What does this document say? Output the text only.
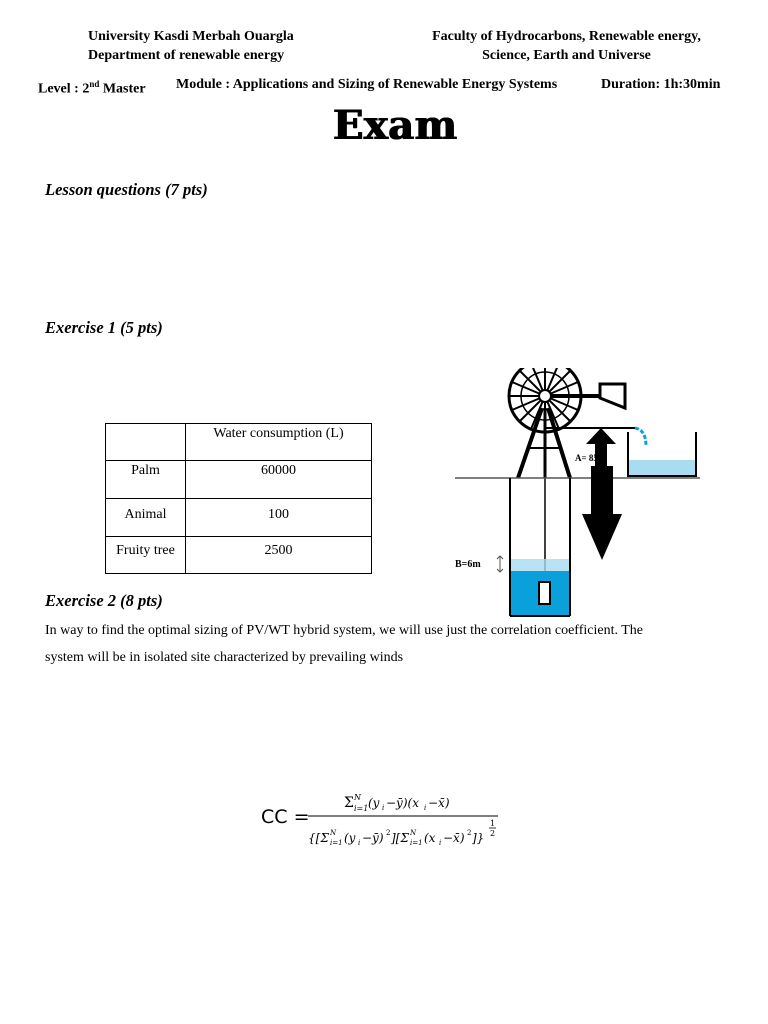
University Kasdi Merbah Ouargla
Department of renewable energy
Faculty of Hydrocarbons, Renewable energy,
Science, Earth and Universe
Level : 2nd Master Module : Applications and Sizing of Renewable Energy Systems	Duration: 1h:30min
Exam
Lesson questions (7 pts)
Exercise 1 (5 pts)
	Water consumption (L)
Palm	60000
Animal	100
Fruity tree	2500
A= 85m
B=6m
Exercise 2 (8 pts)
In way to find the optimal sizing of PV/WT hybrid system, we will use just the correlation coefficient. The
system will be in isolated site characterized by prevailing winds
CC =
Σ N
i=1 (y i −ȳ)(x i −x̄)
{[Σ N
i=1 (y i −ȳ) 2 ][Σ N
i=1 (x i −x̄) 2 ]}
1
2
